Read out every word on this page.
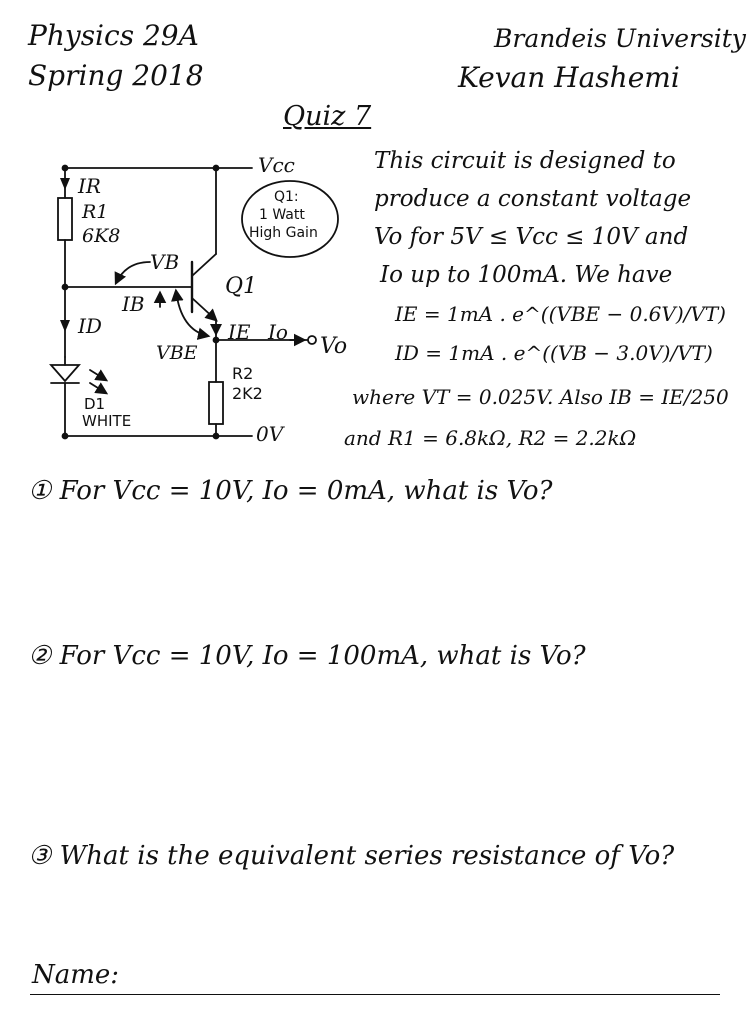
Physics 29A
Spring 2018
Brandeis University
Kevan Hashemi
Quiz 7
Vcc
Q1:
1 Watt
High Gain
IR
R1
6K8
VB
IB
Q1
ID
VBE
IE Io
Vo
R2
2K2
D1
WHITE
0V
This circuit is designed to
produce a constant voltage
Vo for 5V ≤ Vcc ≤ 10V and
Io up to 100mA. We have
IE = 1mA . e^((VBE − 0.6V)/VT)
ID = 1mA . e^((VB − 3.0V)/VT)
where VT = 0.025V. Also IB = IE/250
and R1 = 6.8kΩ, R2 = 2.2kΩ
① For Vcc = 10V, Io = 0mA, what is Vo?
② For Vcc = 10V, Io = 100mA, what is Vo?
③ What is the equivalent series resistance of Vo?
Name:
